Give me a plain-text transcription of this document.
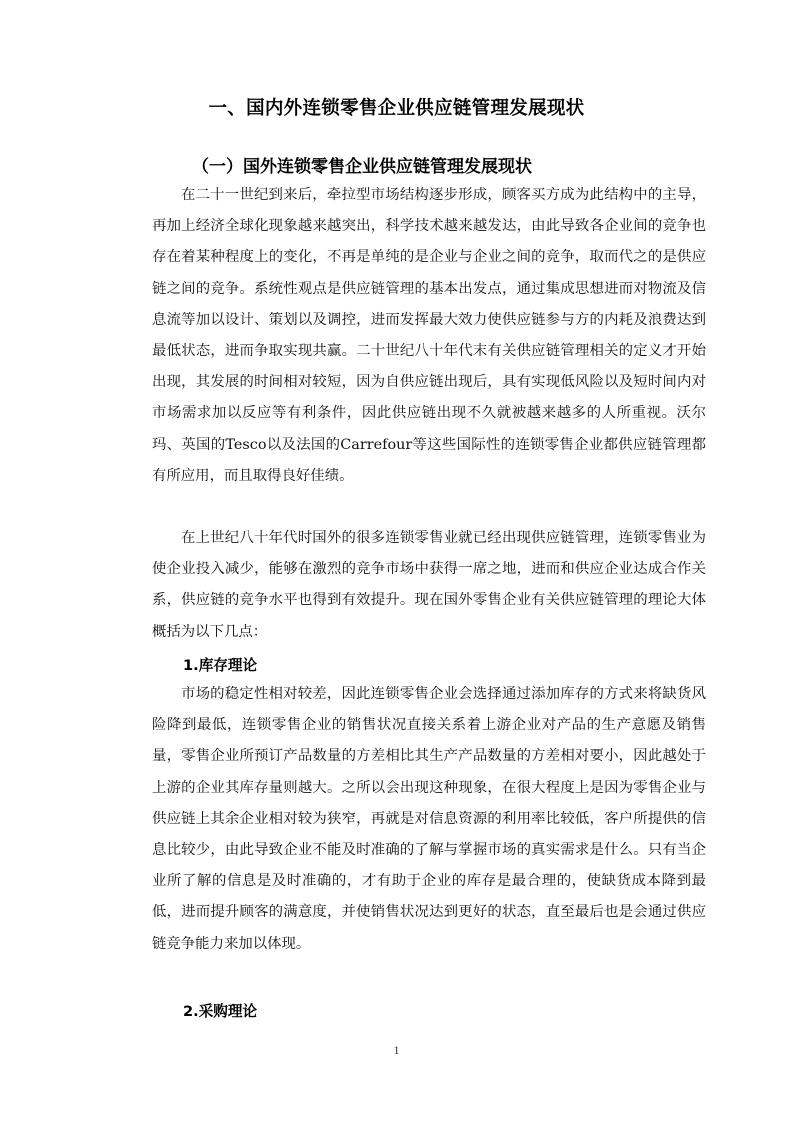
一、国内外连锁零售企业供应链管理发展现状
（一）国外连锁零售企业供应链管理发展现状

在二十一世纪到来后，牵拉型市场结构逐步形成，顾客买方成为此结构中的主导，再加上经济全球化现象越来越突出，科学技术越来越发达，由此导致各企业间的竞争也存在着某种程度上的变化，不再是单纯的是企业与企业之间的竞争，取而代之的是供应链之间的竞争。系统性观点是供应链管理的基本出发点，通过集成思想进而对物流及信息流等加以设计、策划以及调控，进而发挥最大效力使供应链参与方的内耗及浪费达到最低状态，进而争取实现共赢。二十世纪八十年代末有关供应链管理相关的定义才开始出现，其发展的时间相对较短，因为自供应链出现后，具有实现低风险以及短时间内对市场需求加以反应等有利条件，因此供应链出现不久就被越来越多的人所重视。沃尔玛、英国的Tesco以及法国的Carrefour等这些国际性的连锁零售企业都供应链管理都有所应用，而且取得良好佳绩。

在上世纪八十年代时国外的很多连锁零售业就已经出现供应链管理，连锁零售业为使企业投入减少，能够在激烈的竞争市场中获得一席之地，进而和供应企业达成合作关系，供应链的竞争水平也得到有效提升。现在国外零售企业有关供应链管理的理论大体概括为以下几点：

1.库存理论

市场的稳定性相对较差，因此连锁零售企业会选择通过添加库存的方式来将缺货风险降到最低，连锁零售企业的销售状况直接关系着上游企业对产品的生产意愿及销售量，零售企业所预订产品数量的方差相比其生产产品数量的方差相对要小，因此越处于上游的企业其库存量则越大。之所以会出现这种现象，在很大程度上是因为零售企业与供应链上其余企业相对较为狭窄，再就是对信息资源的利用率比较低，客户所提供的信息比较少，由此导致企业不能及时准确的了解与掌握市场的真实需求是什么。只有当企业所了解的信息是及时准确的，才有助于企业的库存是最合理的，使缺货成本降到最低，进而提升顾客的满意度，并使销售状况达到更好的状态，直至最后也是会通过供应链竞争能力来加以体现。

2.采购理论
1
